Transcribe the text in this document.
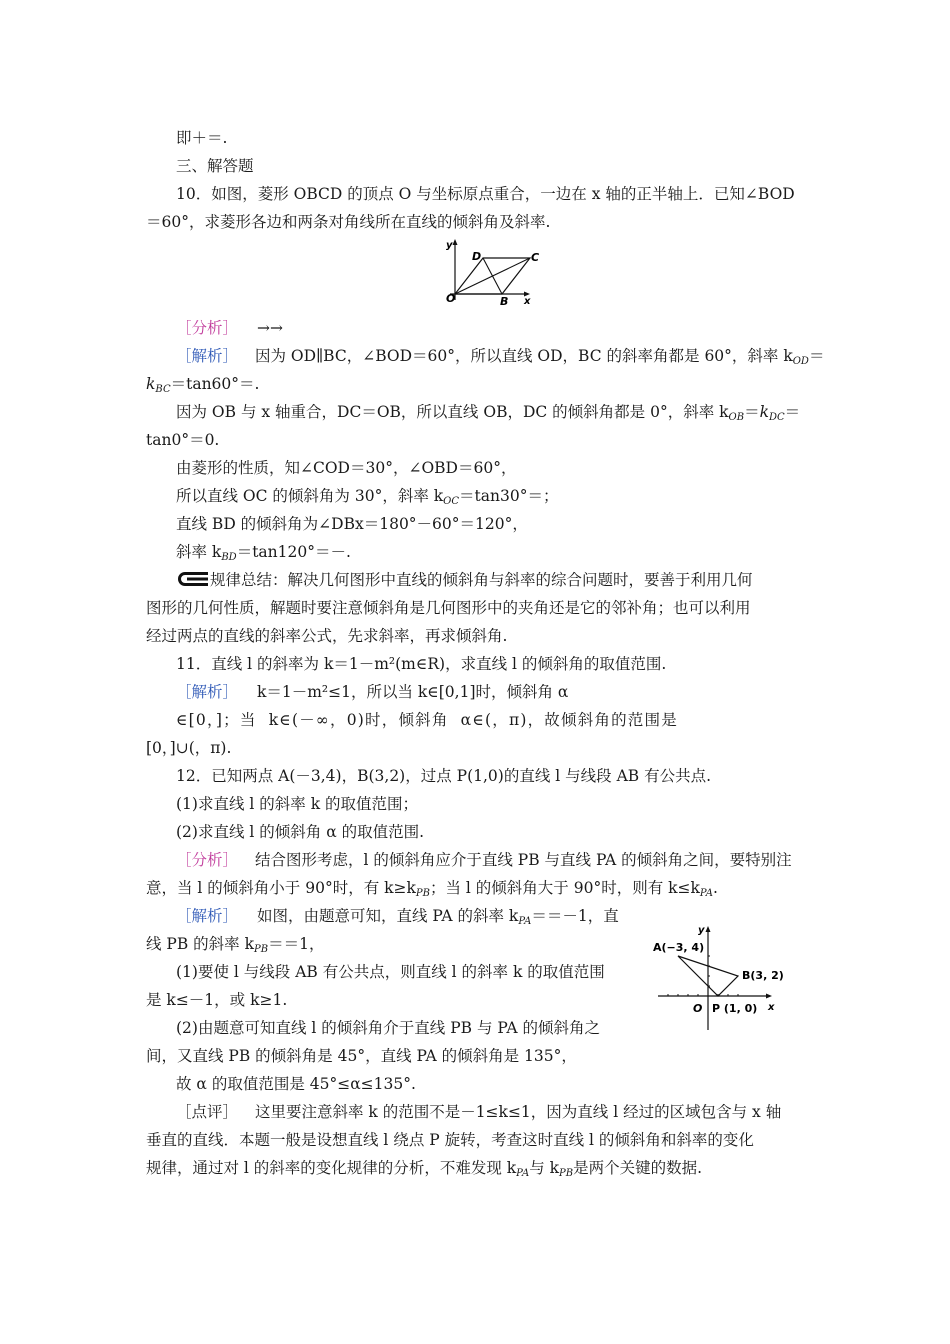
即＋＝.
三、解答题
10．如图，菱形 OBCD 的顶点 O 与坐标原点重合，一边在 x 轴的正半轴上．已知∠BOD
＝60°，求菱形各边和两条对角线所在直线的倾斜角及斜率.
y
O
D	C
B x
［分析］ →→
［解析］ 因为 OD∥BC，∠BOD＝60°，所以直线 OD，BC 的斜率角都是 60°，斜率 $k_{OD}=$
$k_{BC}=\tan 60^\circ=$.
因为 OB 与 x 轴重合，DC＝OB，所以直线 OB，DC 的倾斜角都是 0°，斜率 $k_{OB}=k_{DC}=$
tan0°＝0.
由菱形的性质，知∠COD＝30°，∠OBD＝60°，
所以直线 OC 的倾斜角为 30°，斜率 $k_{OC}=\tan 30^\circ=$；
直线 BD 的倾斜角为∠DBx＝180°－60°＝120°，
斜率 $k_{BD}=\tan 120^\circ=-$.
规律总结：解决几何图形中直线的倾斜角与斜率的综合问题时，要善于利用几何
图形的几何性质，解题时要注意倾斜角是几何图形中的夹角还是它的邻补角；也可以利用
经过两点的直线的斜率公式，先求斜率，再求倾斜角.
11．直线 l 的斜率为 k＝1－m²(m∈R)，求直线 l 的倾斜角的取值范围.
［解析］ k＝1－m²≤1，所以当 k∈[0,1]时，倾斜角 α
∈[0，]；当 k∈(－∞，0)时，倾斜角 α∈(，π)，故倾斜角的范围是
[0，]∪(，π).
12．已知两点 A(－3,4)，B(3,2)，过点 P(1,0)的直线 l 与线段 AB 有公共点.
(1)求直线 l 的斜率 k 的取值范围；
(2)求直线 l 的倾斜角 α 的取值范围.
［分析］ 结合图形考虑，l 的倾斜角应介于直线 PB 与直线 PA 的倾斜角之间，要特别注
意，当 l 的倾斜角小于 90°时，有 $k\ge k_{PB}$；当 l 的倾斜角大于 90°时，则有 $k\le k_{PA}$.
［解析］ 如图，由题意可知，直线 PA 的斜率 $k_{PA}==-1$，直
线 PB 的斜率 $k_{PB}==1$，
(1)要使 l 与线段 AB 有公共点，则直线 l 的斜率 k 的取值范围
是 k≤－1，或 k≥1.
(2)由题意可知直线 l 的倾斜角介于直线 PB 与 PA 的倾斜角之
间，又直线 PB 的倾斜角是 45°，直线 PA 的倾斜角是 135°，
故 α 的取值范围是 45°≤α≤135°.
y
A(−3, 4)
B(3, 2)
O P (1, 0) x
［点评］ 这里要注意斜率 k 的范围不是－1≤k≤1，因为直线 l 经过的区域包含与 x 轴
垂直的直线．本题一般是设想直线 l 绕点 P 旋转，考查这时直线 l 的倾斜角和斜率的变化
规律，通过对 l 的斜率的变化规律的分析，不难发现 $k_{PA}$与 $k_{PB}$是两个关键的数据.
